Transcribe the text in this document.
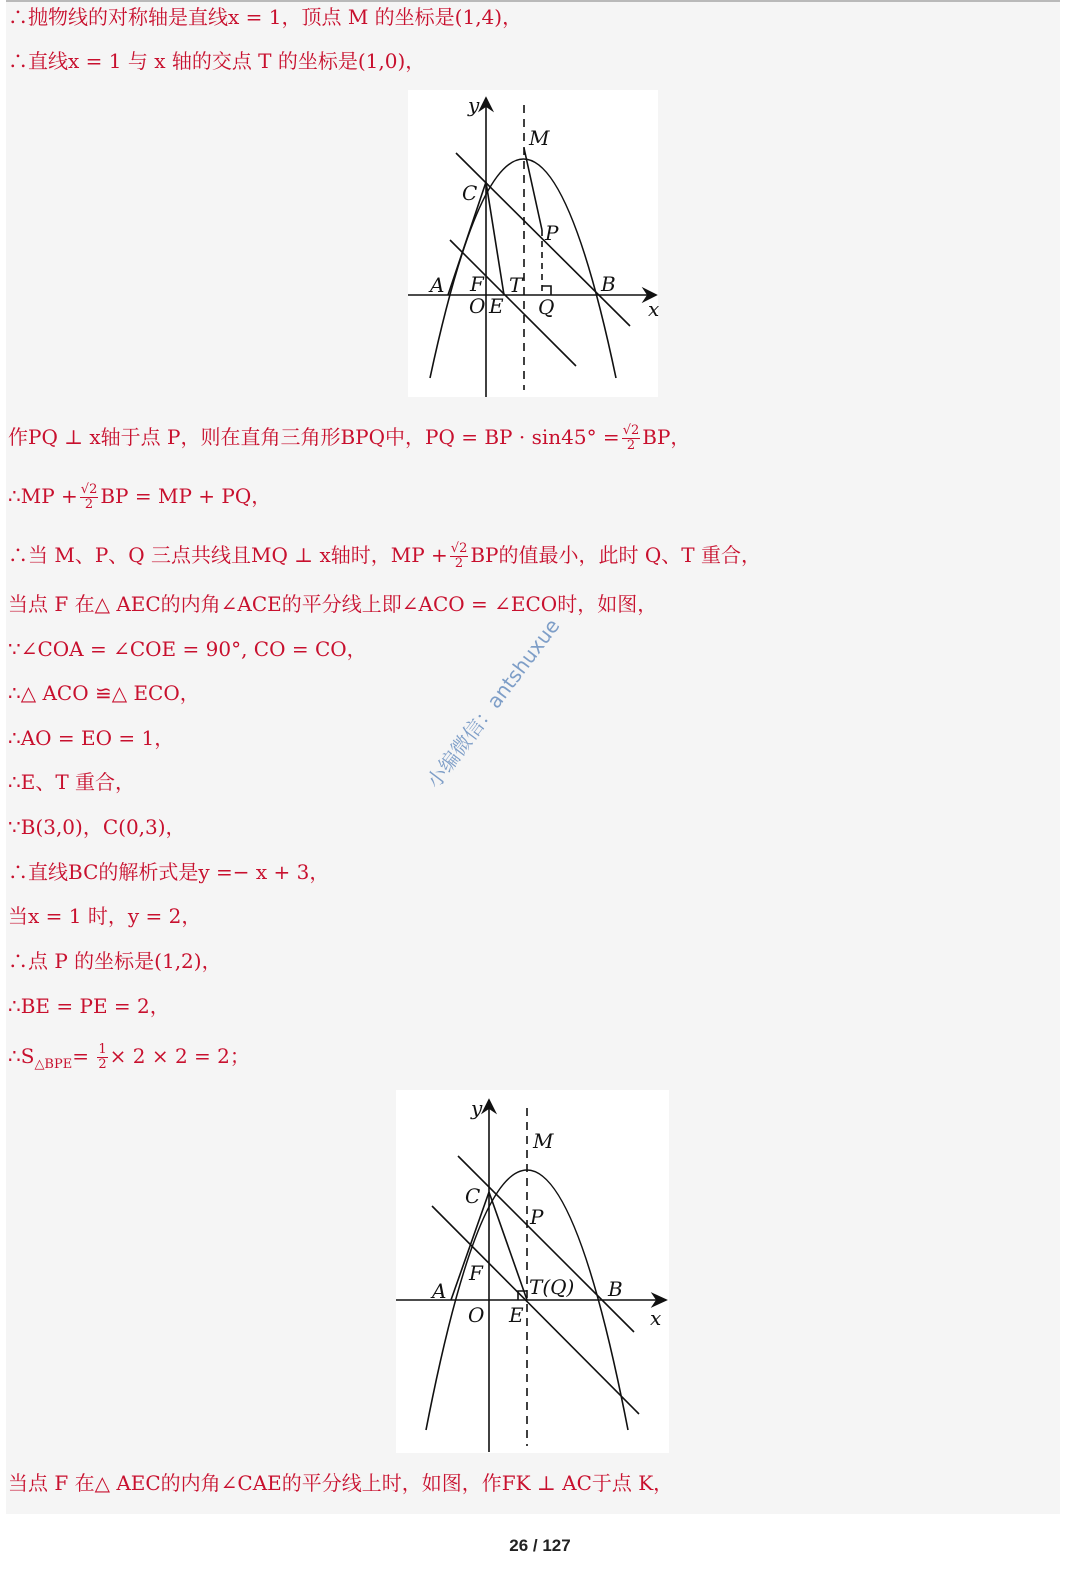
∴抛物线的对称轴是直线x = 1，顶点 M 的坐标是(1,4)，
∴直线x = 1 与 x 轴的交点 T 的坐标是(1,0)，
y
x
M
C
P
A F T	B
O E Q
作PQ ⊥ x轴于点 P，则在直角三角形BPQ中，PQ = BP · $\sin 45^\circ = \frac{√2}{2}$ BP，
∴MP + $\frac{√2}{2}$ BP = MP + PQ，
∴当 M、P、Q 三点共线且MQ ⊥ x轴时，MP + $\frac{√2}{2}$ BP的值最小，此时 Q、T 重合，
当点 F 在△ AEC的内角∠ACE的平分线上即∠ACO = ∠ECO时，如图，
∵∠COA = ∠COE = 90°, CO = CO，
∴△ ACO ≌△ ECO，
∴AO = EO = 1，
∴E、T 重合，
∵B(3,0)，C(0,3)，
∴直线BC的解析式是y =− x + 3，
当x = 1 时，y = 2，
∴点 P 的坐标是(1,2)，
∴BE = PE = 2，
$\therefore S_{\triangle BPE}= \frac{1}{2} \times 2 \times 2 = 2$；
y
x
M
C
P
A
F
T(Q) B
O E
当点 F 在△ AEC的内角∠CAE的平分线上时，如图，作FK ⊥ AC于点 K，
小编微信：antshuxue
26 / 127
